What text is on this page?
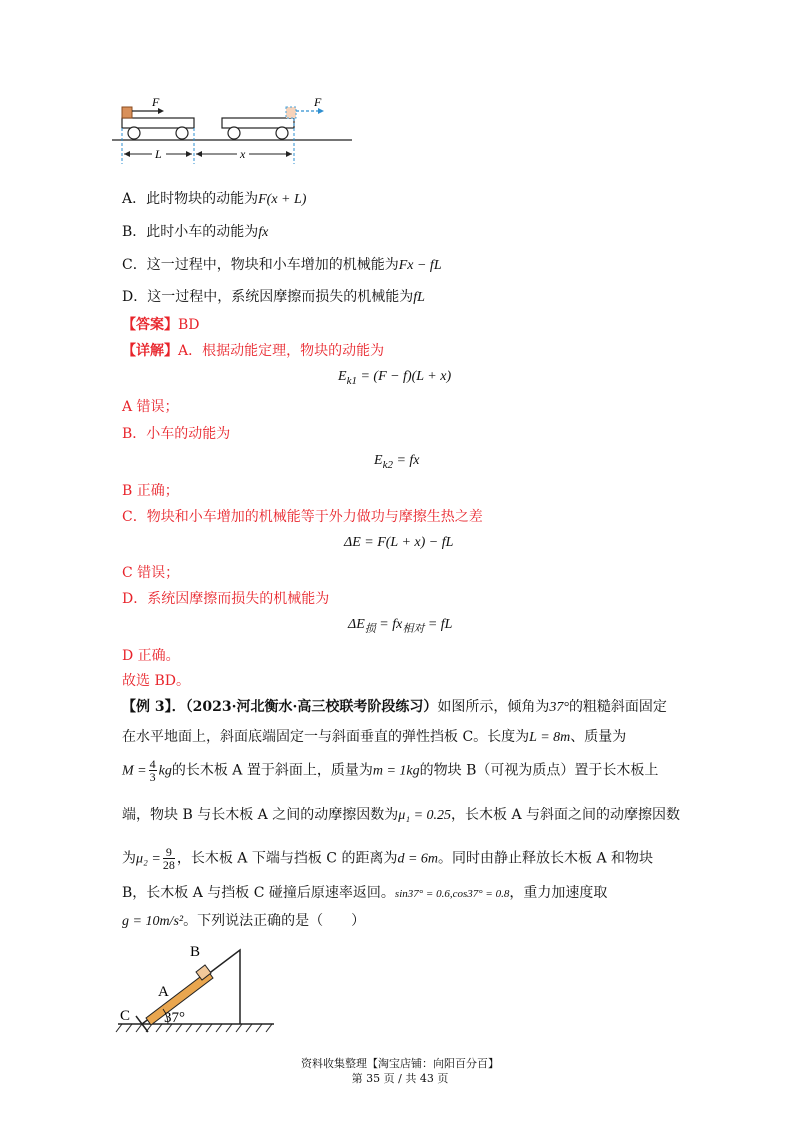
F	F
L	x
A．此时物块的动能为F(x + L)
B．此时小车的动能为fx
C．这一过程中，物块和小车增加的机械能为Fx − fL
D．这一过程中，系统因摩擦而损失的机械能为fL
【答案】BD
【详解】A．根据动能定理，物块的动能为
$E_{k1} = (F - f)(L + x)$
A 错误；
B．小车的动能为
$E_{k2}$ = fx
B 正确；
C．物块和小车增加的机械能等于外力做功与摩擦生热之差
ΔE = F(L + x) − fL
C 错误；
D．系统因摩擦而损失的机械能为
$\Delta E_损 = fx_{相对}$ = fL
D 正确。
故选 BD。
【例 3】．（2023·河北衡水·高三校联考阶段练习）如图所示，倾角为37°的粗糙斜面固定
在水平地面上，斜面底端固定一与斜面垂直的弹性挡板 C。长度为L = 8m、质量为
$M = \frac{4}{3}$ kg的长木板 A 置于斜面上，质量为m = 1kg的物块 B（可视为质点）置于长木板上
端，物块 B 与长木板 A 之间的动摩擦因数为μ₁ = 0.25，长木板 A 与斜面之间的动摩擦因数
为$\mu_2 = \frac{9}{28}$ ，长木板 A 下端与挡板 C 的距离为d = 6m。同时由静止释放长木板 A 和物块
B，长木板 A 与挡板 C 碰撞后原速率返回。sin37° = 0.6,cos37° = 0.8，重力加速度取
g = 10m/s²。下列说法正确的是（　　）
B
A
C 37°
资料收集整理【淘宝店铺：向阳百分百】
第 35 页 / 共 43 页
